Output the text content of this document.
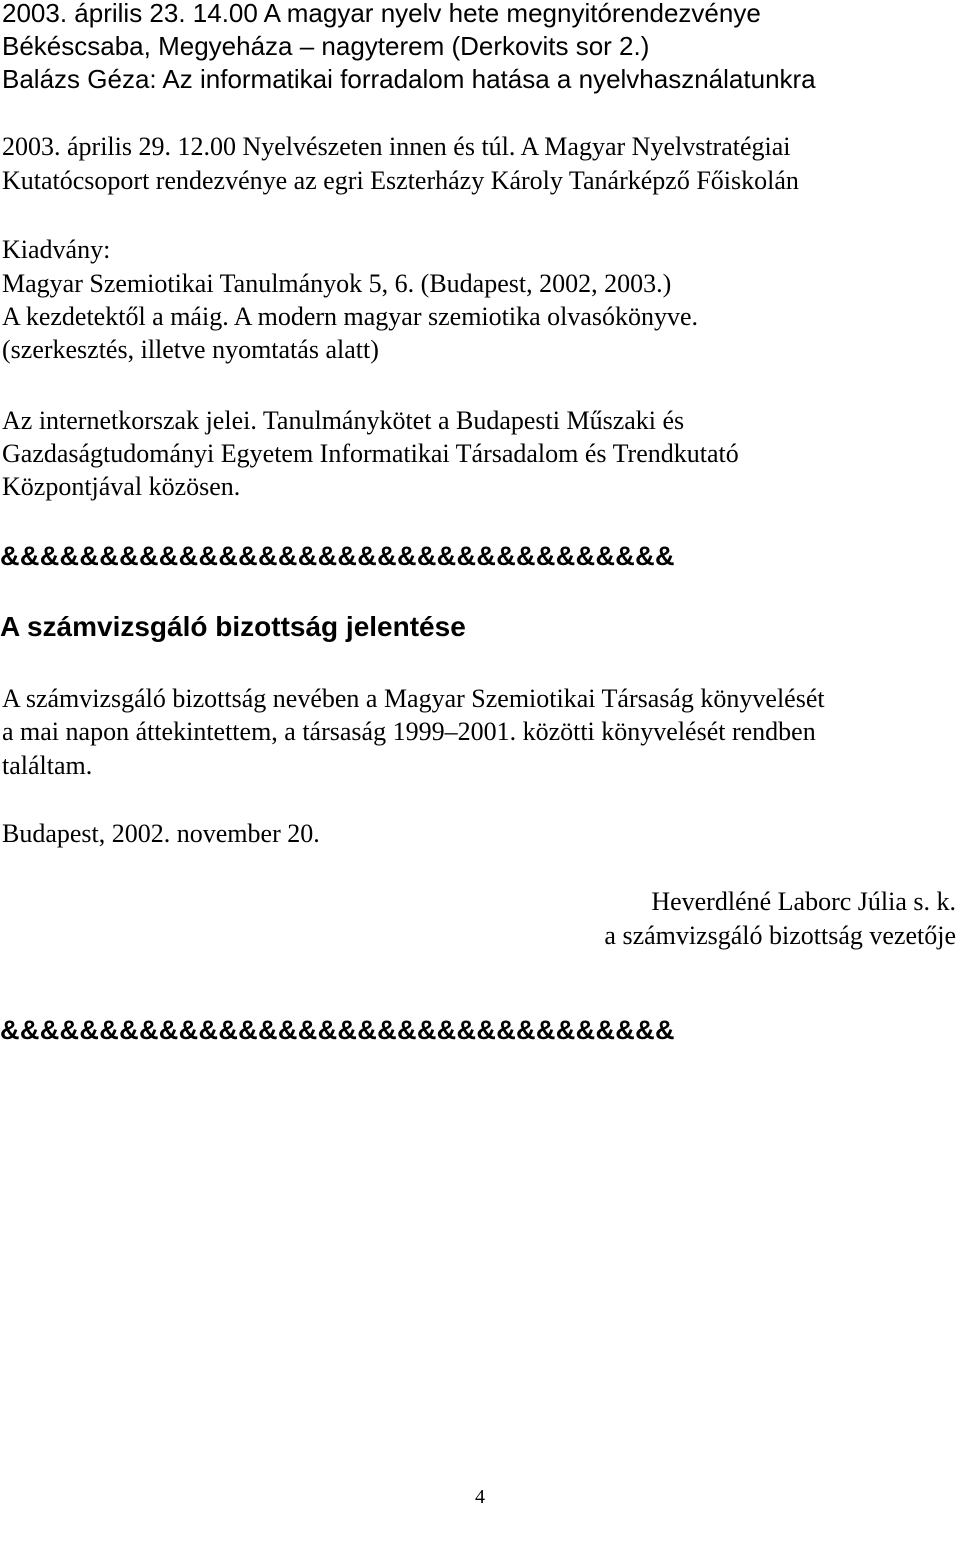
2003. április 23. 14.00 A magyar nyelv hete megnyitórendezvénye
Békéscsaba, Megyeháza – nagyterem (Derkovits sor 2.)
Balázs Géza: Az informatikai forradalom hatása a nyelvhasználatunkra
2003. április 29. 12.00 Nyelvészeten innen és túl. A Magyar Nyelvstratégiai
Kutatócsoport rendezvénye az egri Eszterházy Károly Tanárképző Főiskolán
Kiadvány:
Magyar Szemiotikai Tanulmányok 5, 6. (Budapest, 2002, 2003.)
A kezdetektől a máig. A modern magyar szemiotika olvasókönyve.
(szerkesztés, illetve nyomtatás alatt)
Az internetkorszak jelei. Tanulmánykötet a Budapesti Műszaki és
Gazdaságtudományi Egyetem Informatikai Társadalom és Trendkutató
Központjával közösen.
&&&&&&&&&&&&&&&&&&&&&&&&&&&&&&&&&&
A számvizsgáló bizottság jelentése
A számvizsgáló bizottság nevében a Magyar Szemiotikai Társaság könyvelését
a mai napon áttekintettem, a társaság 1999–2001. közötti könyvelését rendben
találtam.
Budapest, 2002. november 20.
Heverdléné Laborc Júlia s. k.
a számvizsgáló bizottság vezetője
&&&&&&&&&&&&&&&&&&&&&&&&&&&&&&&&&&
4
